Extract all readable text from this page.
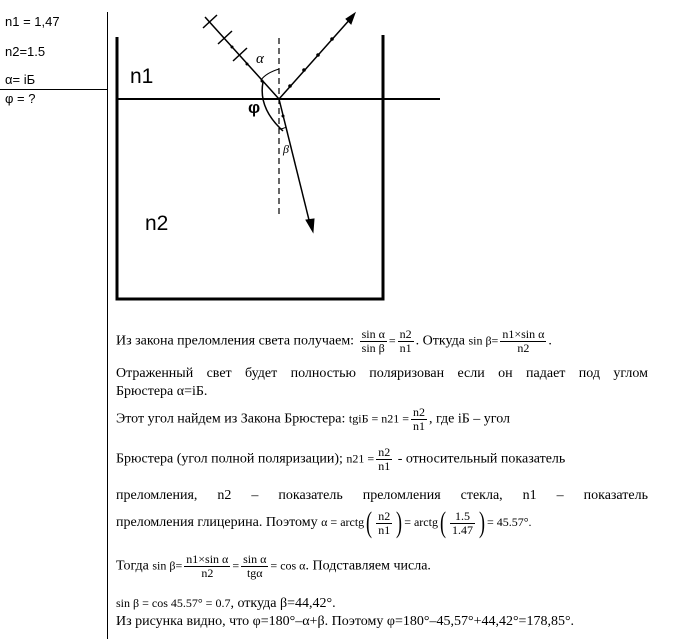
n1 = 1,47
n2=1.5
α= iБ
φ = ?
n1
n2
α
φ
β
Из закона преломления света получаем: $\frac{\text{sin α}}{\text{sin β}} = \frac{n2}{n1}$ . Откуда $\sin \beta= \frac{\text{n1×sin α}}{n2}$ .
Отраженный свет будет полностью поляризован если он падает под углом
Брюстера α=iБ.
Этот угол найдем из Закона Брюстера: tgiБ = $n21 = \frac{n2}{n1}$ , где iБ – угол
Брюстера (угол полной поляризации); $n21 = \frac{n2}{n1}$ - относительный показатель
преломления, n2 – показатель преломления стекла, n1 – показатель
преломления глицерина. Поэтому α = arctg( $\frac{n2}{n1}$ ) = arctg( $\frac{1.5}{1.47}$ ) = 45.57°.
Тогда $\sin \beta= \frac{\text{n1×sin α}}{n2} = \frac{\text{sin α}}{\text{tgα}} = \cos \alpha$. Подставляем числа.
sin β = cos 45.57° = 0.7, откуда β=44,42°.
Из рисунка видно, что φ=180°–α+β. Поэтому φ=180°–45,57°+44,42°=178,85°.
